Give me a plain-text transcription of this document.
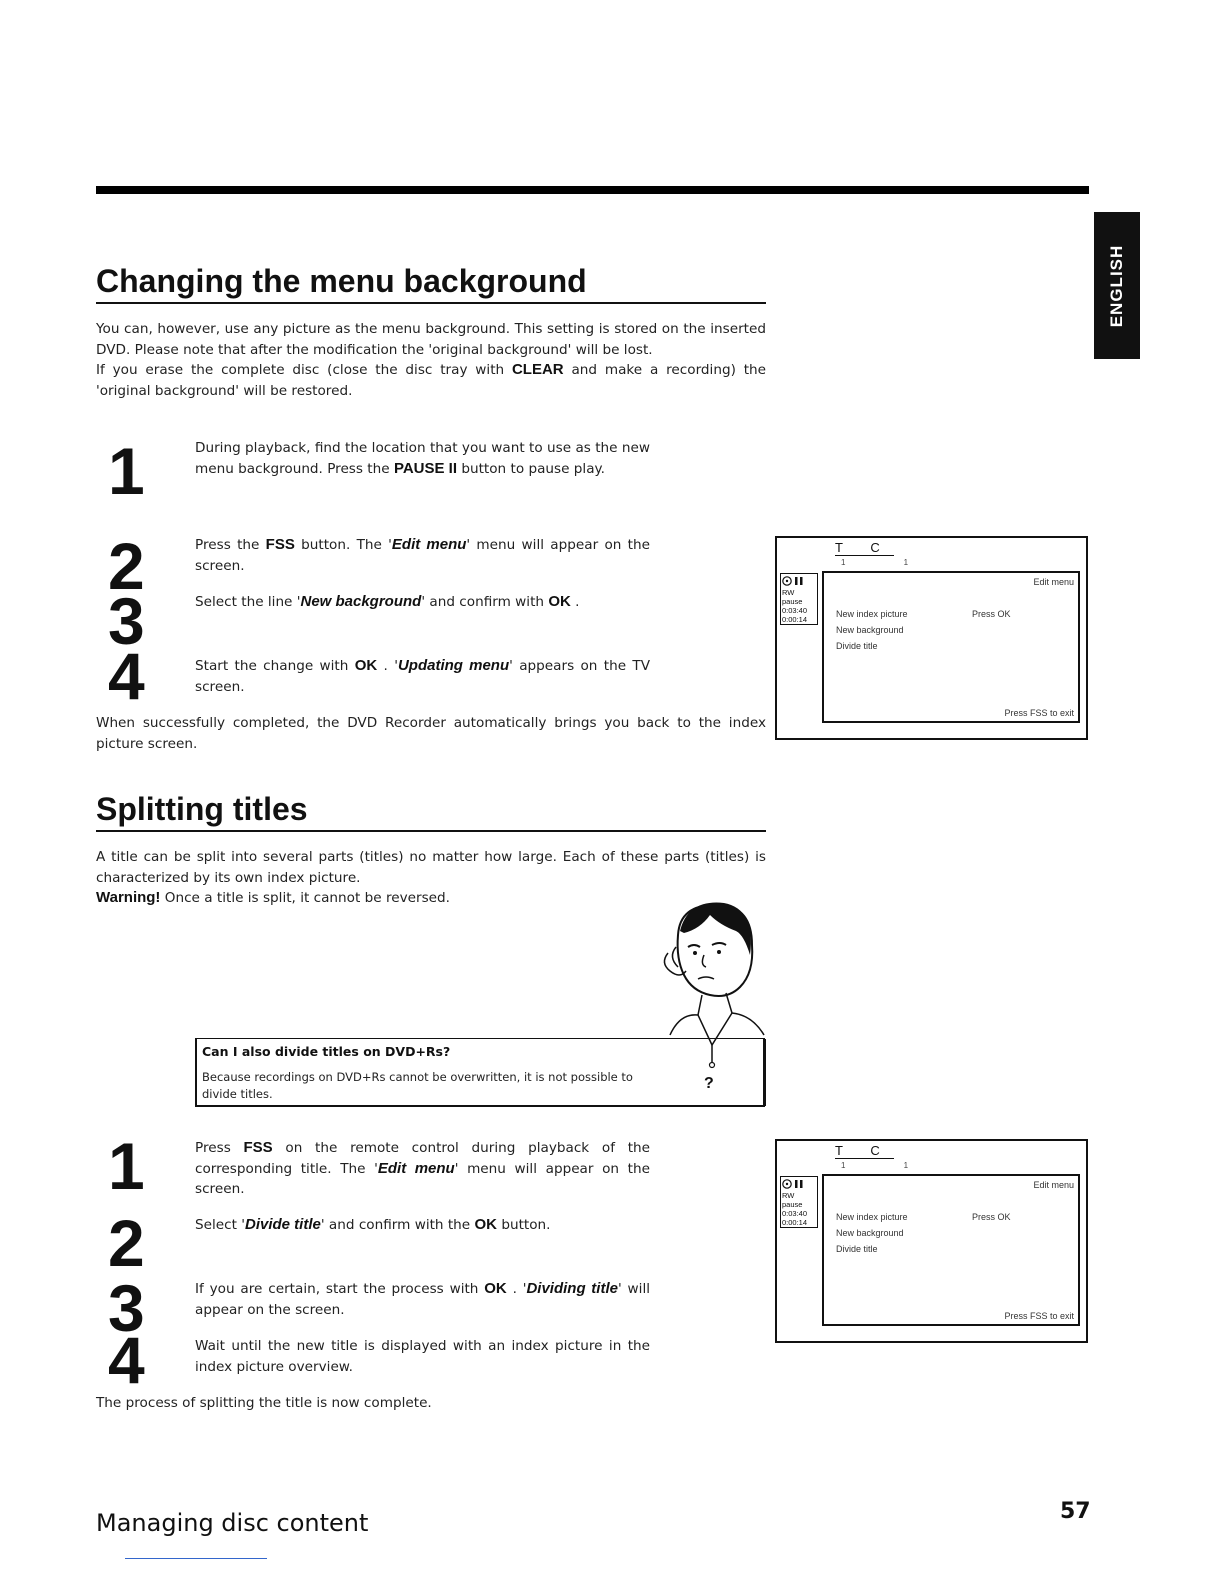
ENGLISH
Changing the menu background

You can, however, use any picture as the menu background. This setting is stored on the inserted DVD. Please note that after the modification the 'original background' will be lost.
If you erase the complete disc (close the disc tray with CLEAR and make a recording) the 'original background' will be restored.

1	During playback, find the location that you want to use as the new menu background. Press the PAUSE II button to pause play.

2	Press the FSS button. The 'Edit menu' menu will appear on the screen.

3	Select the line 'New background' and confirm with OK .

4	Start the change with OK . 'Updating menu' appears on the TV screen.

When successfully completed, the DVD Recorder automatically brings you back to the index picture screen.

T C
1 1

RW pause
0:03:40
0:00:14
Edit menu
New index picture
New background
Divide title
Press OK
Press FSS to exit
Splitting titles

A title can be split into several parts (titles) no matter how large. Each of these parts (titles) is characterized by its own index picture.
Warning! Once a title is split, it cannot be reversed.

Can I also divide titles on DVD+Rs?
Because recordings on DVD+Rs cannot be overwritten, it is not possible to divide titles.
?
1	Press FSS on the remote control during playback of the corresponding title. The 'Edit menu' menu will appear on the screen.

2	Select 'Divide title' and confirm with the OK button.

3	If you are certain, start the process with OK . 'Dividing title' will appear on the screen.

4	Wait until the new title is displayed with an index picture in the index picture overview.

The process of splitting the title is now complete.

T C
1 1

RW pause
0:03:40
0:00:14
Edit menu
New index picture
New background
Divide title
Press OK
Press FSS to exit
Managing disc content	57
